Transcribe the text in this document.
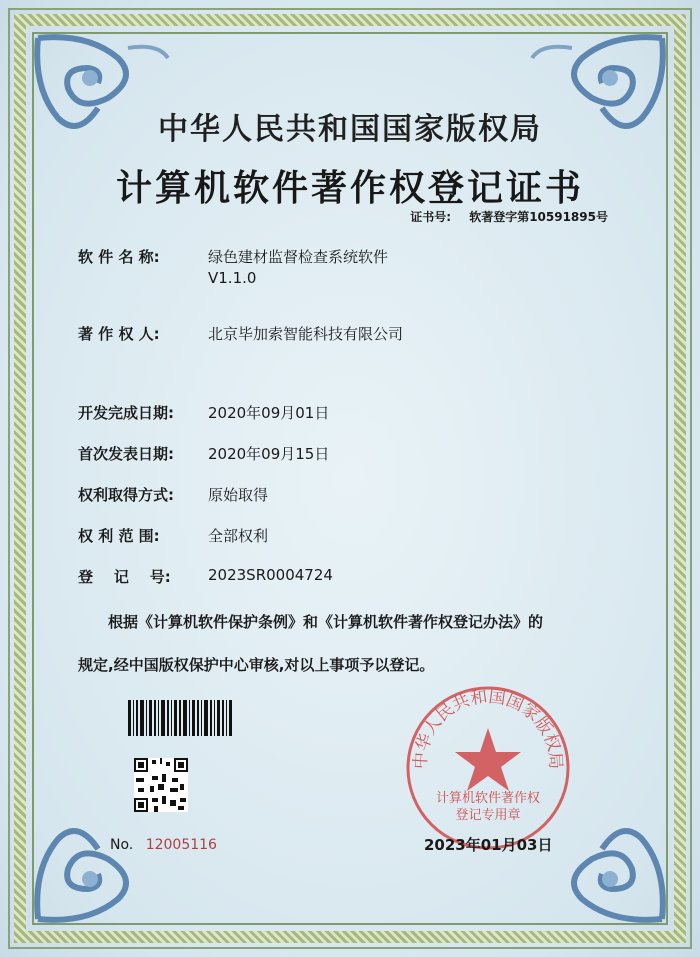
中华人民共和国国家版权局
计算机软件著作权登记证书
证书号: 软著登字第10591895号
软 件 名 称:	绿色建材监督检查系统软件
V1.1.0
著 作 权 人:	北京毕加索智能科技有限公司
开发完成日期:	2020年09月01日
首次发表日期:	2020年09月15日
权利取得方式:	原始取得
权 利 范 围:	全部权利
登    记    号:	2023SR0004724
根据《计算机软件保护条例》和《计算机软件著作权登记办法》的
规定,经中国版权保护中心审核,对以上事项予以登记。
No. 12005116
中华人民共和国国家版权局
计算机软件著作权
登记专用章
2023年01月03日
